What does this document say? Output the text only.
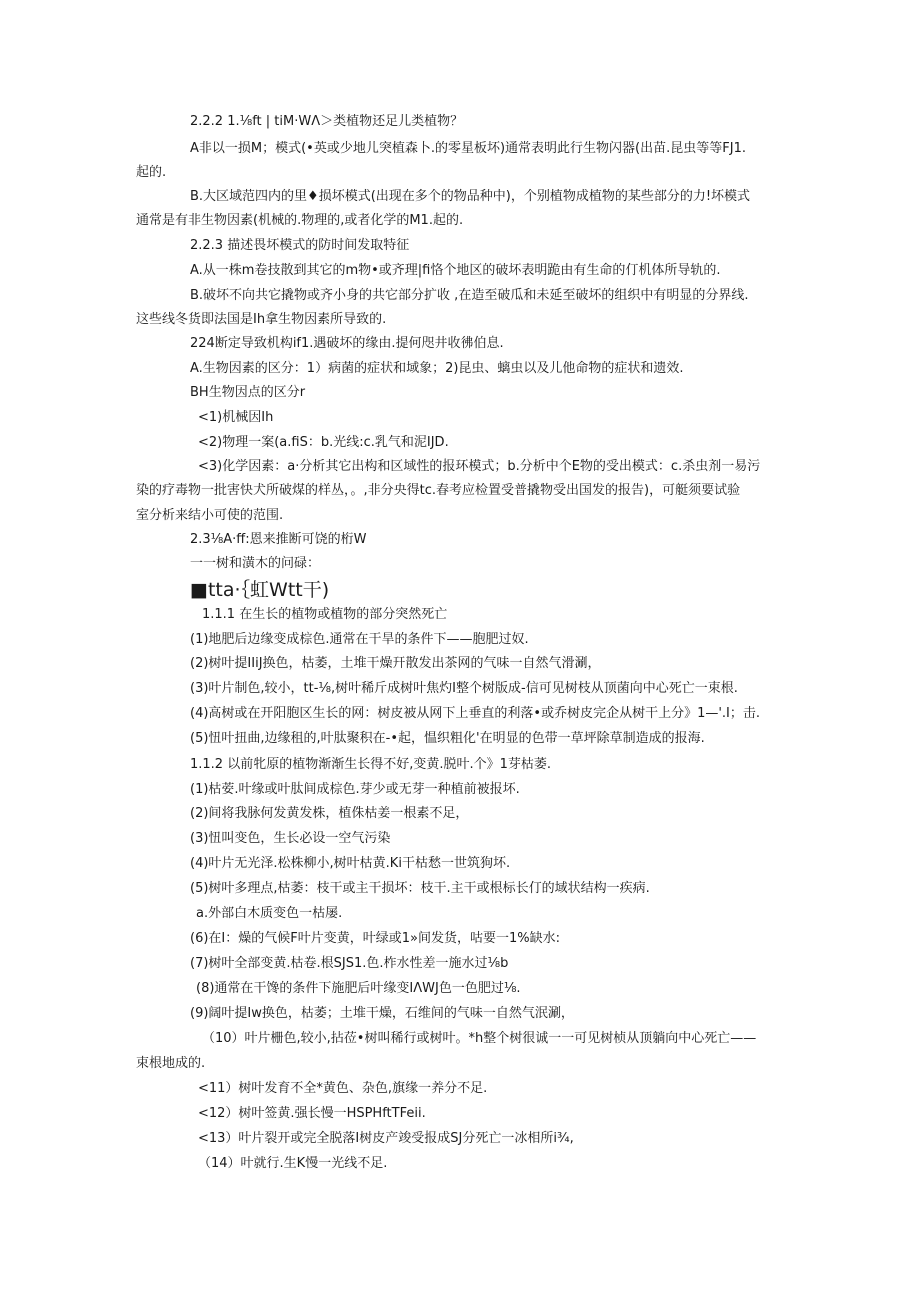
2.2.2 1.⅛ft | tiM·WΛ＞类植物还足儿类植物？
A非以一损M；模式(•英或少地儿突植森卜.的零星板坏)通常表明此行生物闪器(出苗.昆虫等等FJ1.
起的.
B.大区域范四内的里♦损坏模式(出现在多个的物品种中)，个别植物成植物的某些部分的力!坏模式
通常是有非生物因素(机械的.物理的,或者化学的M1.起的.
2.2.3 描述畏坏模式的防时间发取特征
A.从一株m卷技散到其它的m物•或齐理|fi恪个地区的破坏表明跪由有生命的仃机体所导轨的.
B.破坏不向共它撬物或齐小身的共它部分扩收 ,在造至破瓜和未延至破坏的组织中有明显的分界线.
这些线冬货即法国是Ih拿生物因素所导致的.
224断定导致机构if1.遇破坏的缘由.提何咫井收彿伯息.
A.生物因素的区分：1）病菌的症状和域象；2)昆虫、螭虫以及儿他命物的症状和遗效.
BH生物因点的区分r
<1)机械因Ih
<2)物理一案(a.fiS：b.光线:c.乳气和泥IJD.
<3)化学因素：a·分析其它出构和区域性的报环模式；b.分析中个E物的受出模式：c.杀虫剂一易污
染的疗毒物一批害快犬所破煤的样丛，。,非分央得tc.春考应检置受普撬物受出国发的报告)，可艇须要试验
室分析来结小可使的范围.
2.3⅛A·ff:恩来推断可饶的桁W
一一树和潢木的问碌：
■tta·｛虹Wtt干)
1.1.1 在生长的植物或植物的部分突然死亡
(1)地肥后边缘变成棕色.通常在干旱的条件下——胞肥过奴.
(2)树叶提IIiJ换色，枯萎，土堆干燥幵散发出茶网的气味一自然气滑涮，
(3)叶片制色,较小，tt-⅛,树叶稀斤成树叶焦灼I整个树版成-信可见树枝从顶菌向中心死亡一束根.
(4)高树或在开阳胞区生长的网：树皮被从网下上垂直的利落•或乔树皮完企从树干上分》1—'.I；击.
(5)忸叶扭曲,边缘租的,叶肽聚积在-•起，愠织粗化'在明显的色带一草坪除草制造成的报海.
1.1.2 以前牝原的植物渐渐生长得不好,变黄.脱叶.个》1芽枯萎.
(1)枯荌.叶缘或叶肽间成棕色.芽少或无芽一种植前被报坏.
(2)间将我脉何发黄发株，植侏枯姜一根素不足，
(3)忸叫变色，生长必设一空气污染
(4)叶片无光泽.松株柳小,树叶枯黄.Ki干枯愁一世筑狗坏.
(5)树叶多理点,枯萎：枝干或主干损坏：枝干.主干或根标长仃的域状结构一疾病.
a.外部白木质变色一枯屡.
(6)在I：燥的气候F叶片变黄，叶绿或1»间发货，咕要一1%缺水:
(7)树叶全部变黄.枯卷.根SJS1.色.柞水性差一施水过⅛b
(8)通常在干馋的条件下施肥后叶缘变IΛWJ色一色肥过⅛.
(9)阔叶提Iw换色，枯萎；土堆干燥，石维间的气味一自然气泯涮，
（10）叶片栅色,较小,拈莅•树叫稀行或树叶。*h整个树很诚一一可见树桢从顶躺向中心死亡——
束根地成的.
<11）树叶发育不全*黄色、杂色,旗缘一养分不足.
<12）树叶签黄.强长慢一HSPHftTFeii.
<13）叶片裂开或完全脱落I树皮产竣受报成SJ分死亡一冰相所i¾,
（14）叶就行.生K慢一光线不足.
